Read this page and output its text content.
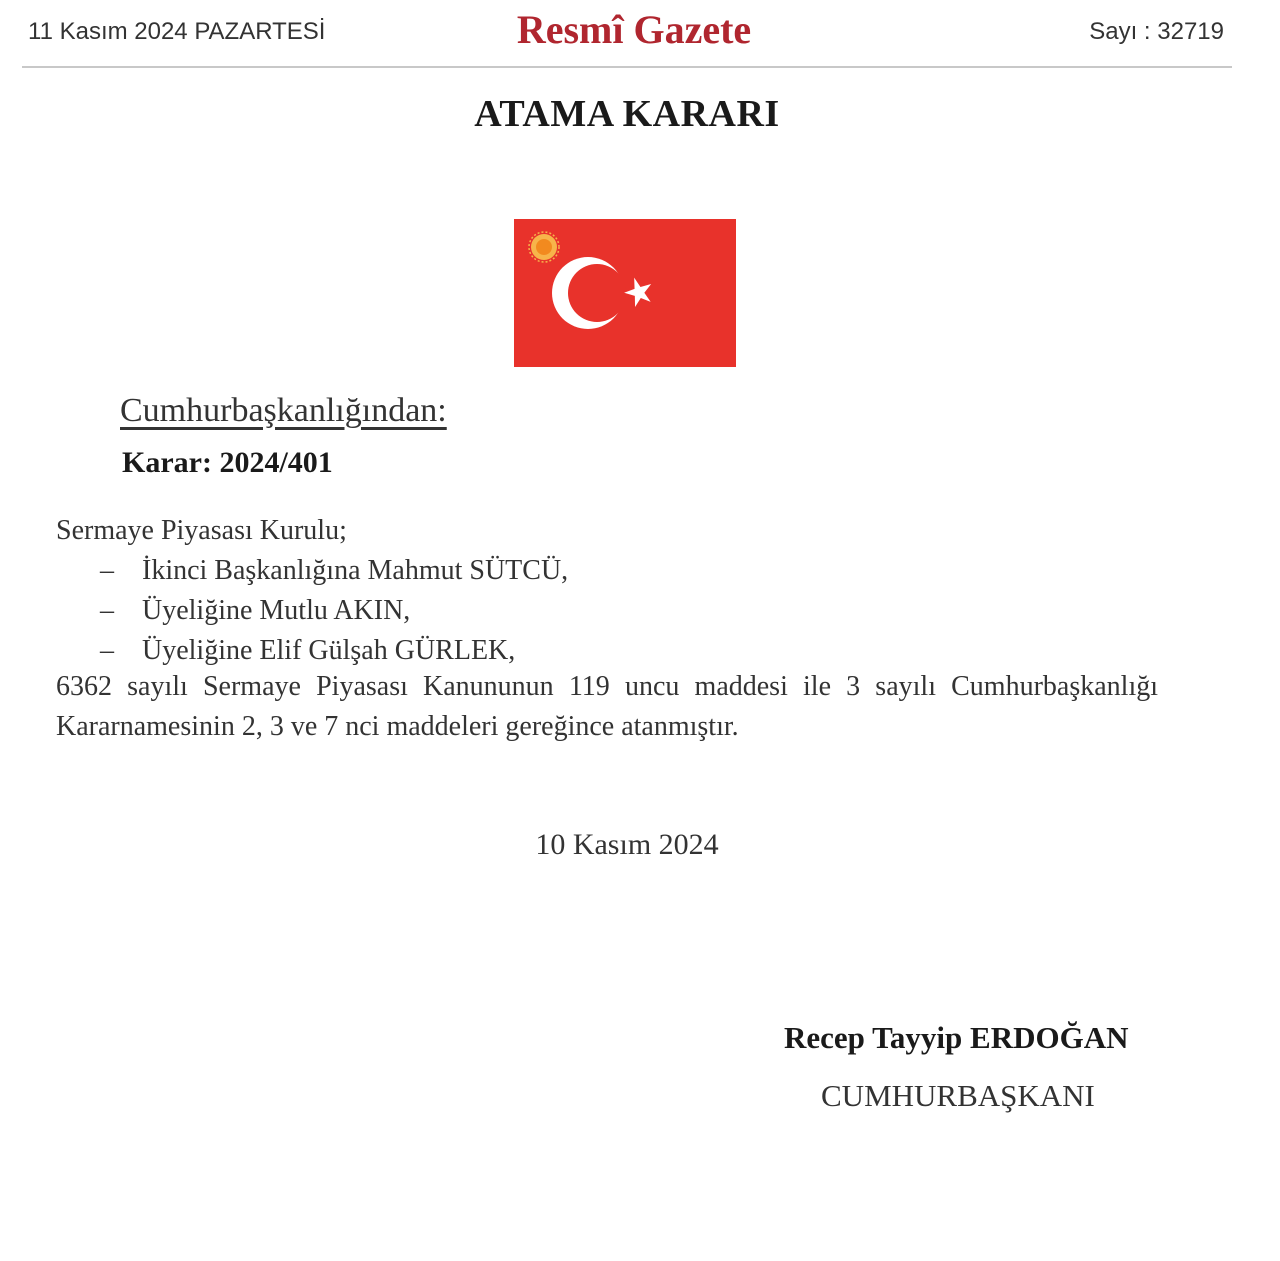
11 Kasım 2024 PAZARTESİ	Resmî Gazete	Sayı : 32719
ATAMA KARARI
Cumhurbaşkanlığından:
Karar: 2024/401
Sermaye Piyasası Kurulu;
– İkinci Başkanlığına Mahmut SÜTCÜ,
– Üyeliğine Mutlu AKIN,
– Üyeliğine Elif Gülşah GÜRLEK,
6362 sayılı Sermaye Piyasası Kanununun 119 uncu maddesi ile 3 sayılı Cumhurbaşkanlığı
Kararnamesinin 2, 3 ve 7 nci maddeleri gereğince atanmıştır.
10 Kasım 2024
Recep Tayyip ERDOĞAN
CUMHURBAŞKANI
